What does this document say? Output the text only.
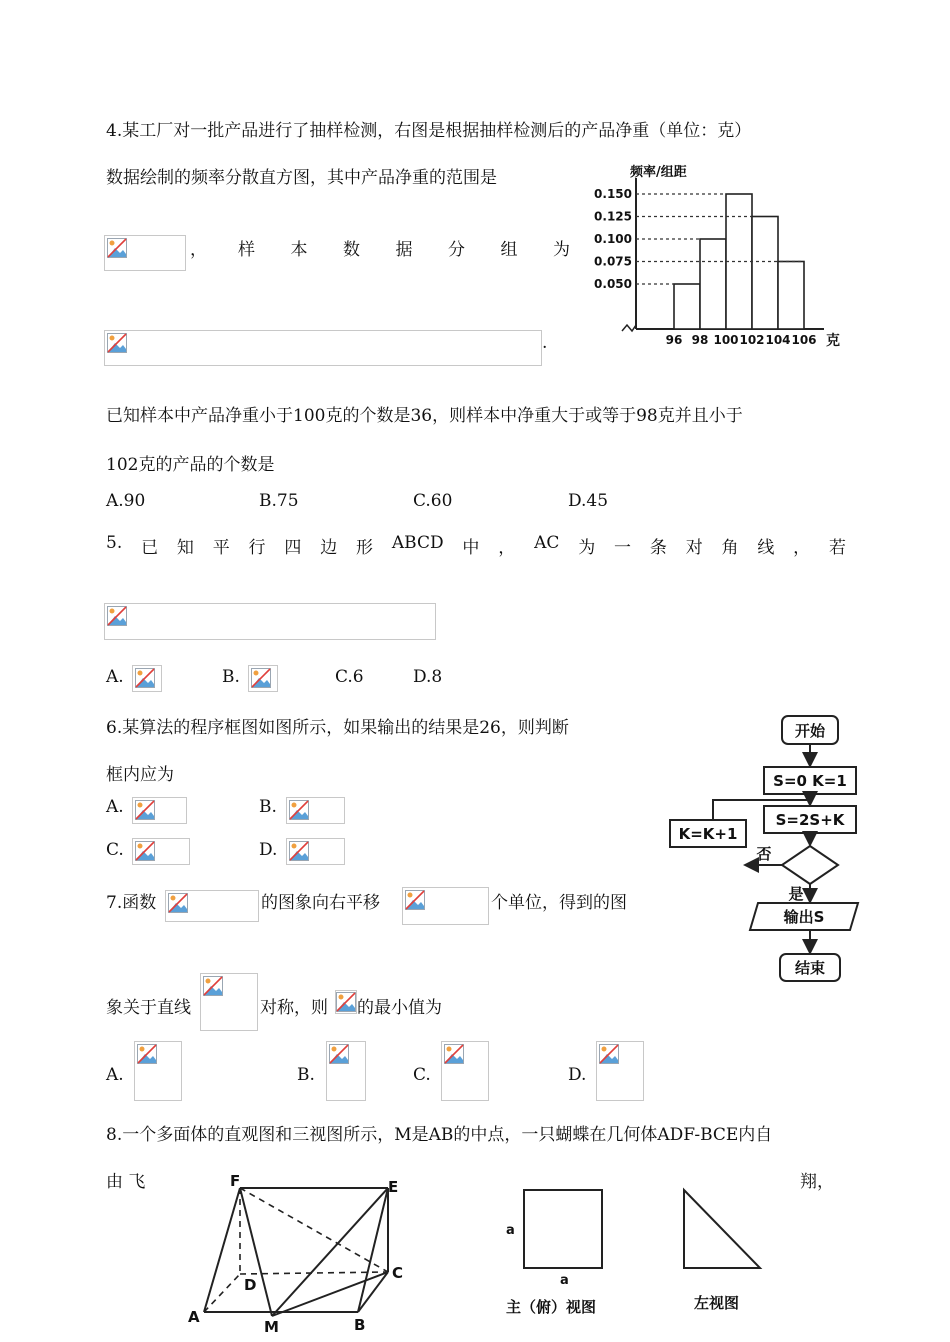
4.某工厂对一批产品进行了抽样检测，右图是根据抽样检测后的产品净重（单位：克）
数据绘制的频率分散直方图，其中产品净重的范围是
， 样 本 数 据 分 组 为
.
0.150
0.125
0.100
0.075
0.050
96 98 100 102 104 106
频率/组距
克
已知样本中产品净重小于100克的个数是36，则样本中净重大于或等于98克并且小于
102克的产品的个数是
A.90	B.75	C.60	D.45
5. 已 知 平 行 四 边 形 ABCD 中 ， AC 为 一 条 对 角 线 ， 若
A.	B.	C.6	D.8
6.某算法的程序框图如图所示，如果输出的结果是26，则判断
框内应为
A.	B.
C.	D.
开始
S=0 K=1
S=2S+K
K=K+1
否
是
输出S
结束
7.函数	的图象向右平移	个单位，得到的图
象关于直线	对称，则 的最小值为
A.	B.	C.	D.
8.一个多面体的直观图和三视图所示，M是AB的中点，一只蝴蝶在几何体ADF-BCE内自
由 飞	翔，
F	E
D
C
A
M	B
a
a
主（俯）视图	左视图
